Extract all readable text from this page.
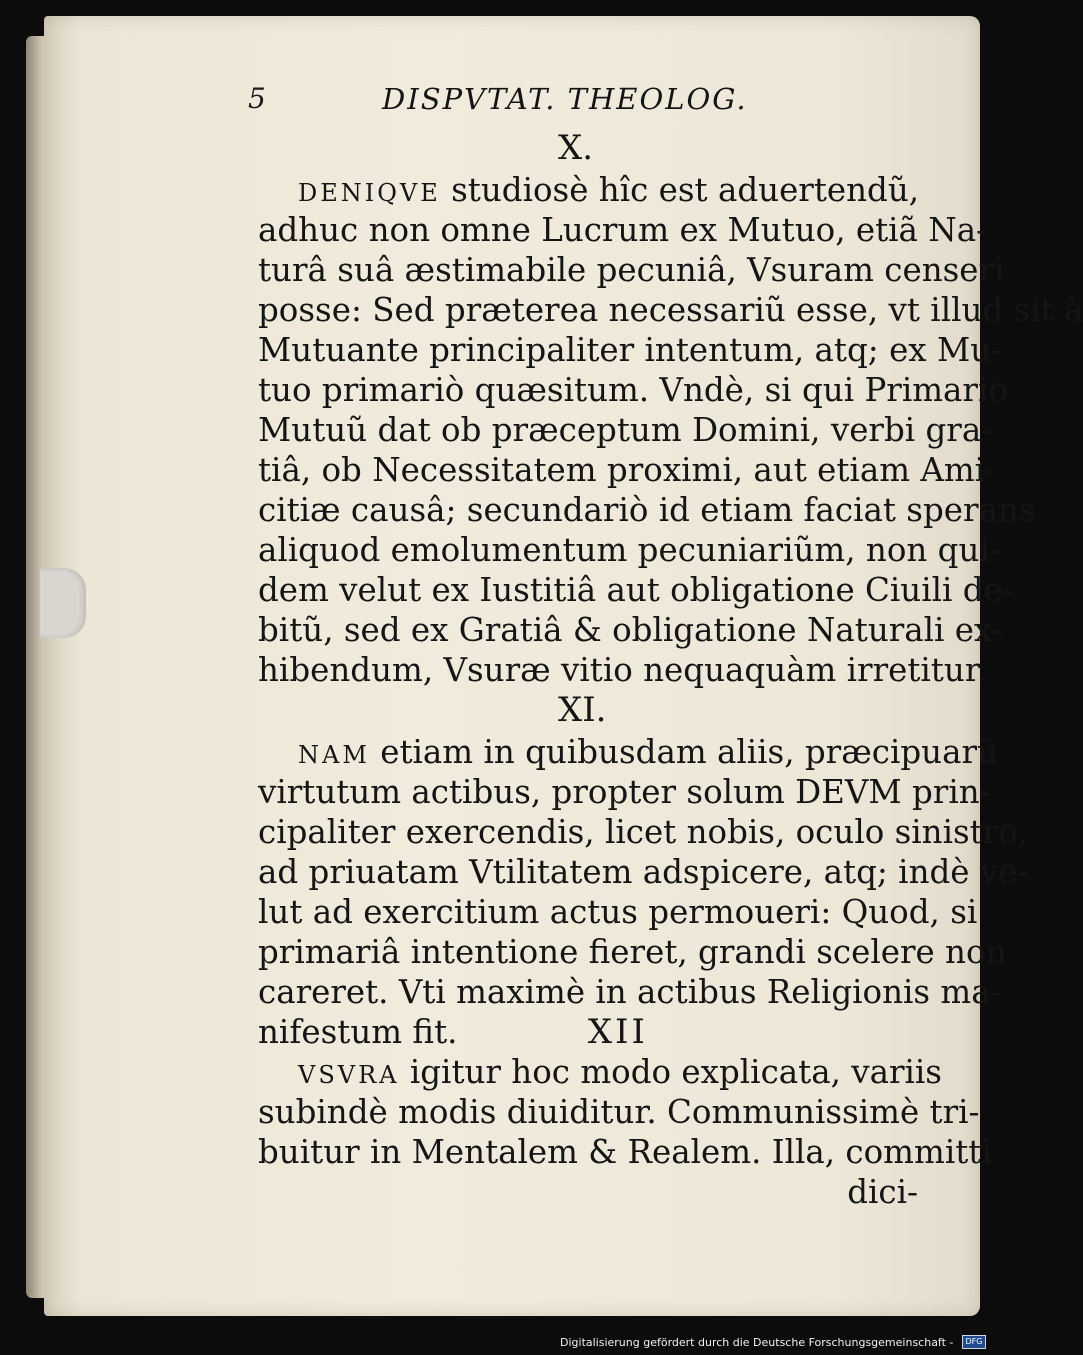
5	DISPVTAT. THEOLOG.
X.
DENIQVE studiosè hîc est aduertendũ,
adhuc non omne Lucrum ex Mutuo, etiã Na-
turâ suâ æstimabile pecuniâ, Vsuram censeri
posse: Sed præterea necessariũ esse, vt illud sit à
Mutuante principaliter intentum, atq; ex Mu-
tuo primariò quæsitum. Vndè, si qui Primariò
Mutuũ dat ob præceptum Domini, verbi gra-
tiâ, ob Necessitatem proximi, aut etiam Ami-
citiæ causâ; secundariò id etiam faciat sperans
aliquod emolumentum pecuniariũm, non qui-
dem velut ex Iustitiâ aut obligatione Ciuili de-
bitũ, sed ex Gratiâ & obligatione Naturali ex-
hibendum, Vsuræ vitio nequaquàm irretitur.
XI.
NAM etiam in quibusdam aliis, præcipuarũ
virtutum actibus, propter solum DEVM prin-
cipaliter exercendis, licet nobis, oculo sinistro,
ad priuatam Vtilitatem adspicere, atq; indè ve-
lut ad exercitium actus permoueri: Quod, si
primariâ intentione fieret, grandi scelere non
careret. Vti maximè in actibus Religionis ma-
nifestum fit.	XII
VSVRA igitur hoc modo explicata, variis
subindè modis diuiditur. Communissimè tri-
buitur in Mentalem & Realem. Illa, committi
dici-
Digitalisierung gefördert durch die Deutsche Forschungsgemeinschaft -	DFG
